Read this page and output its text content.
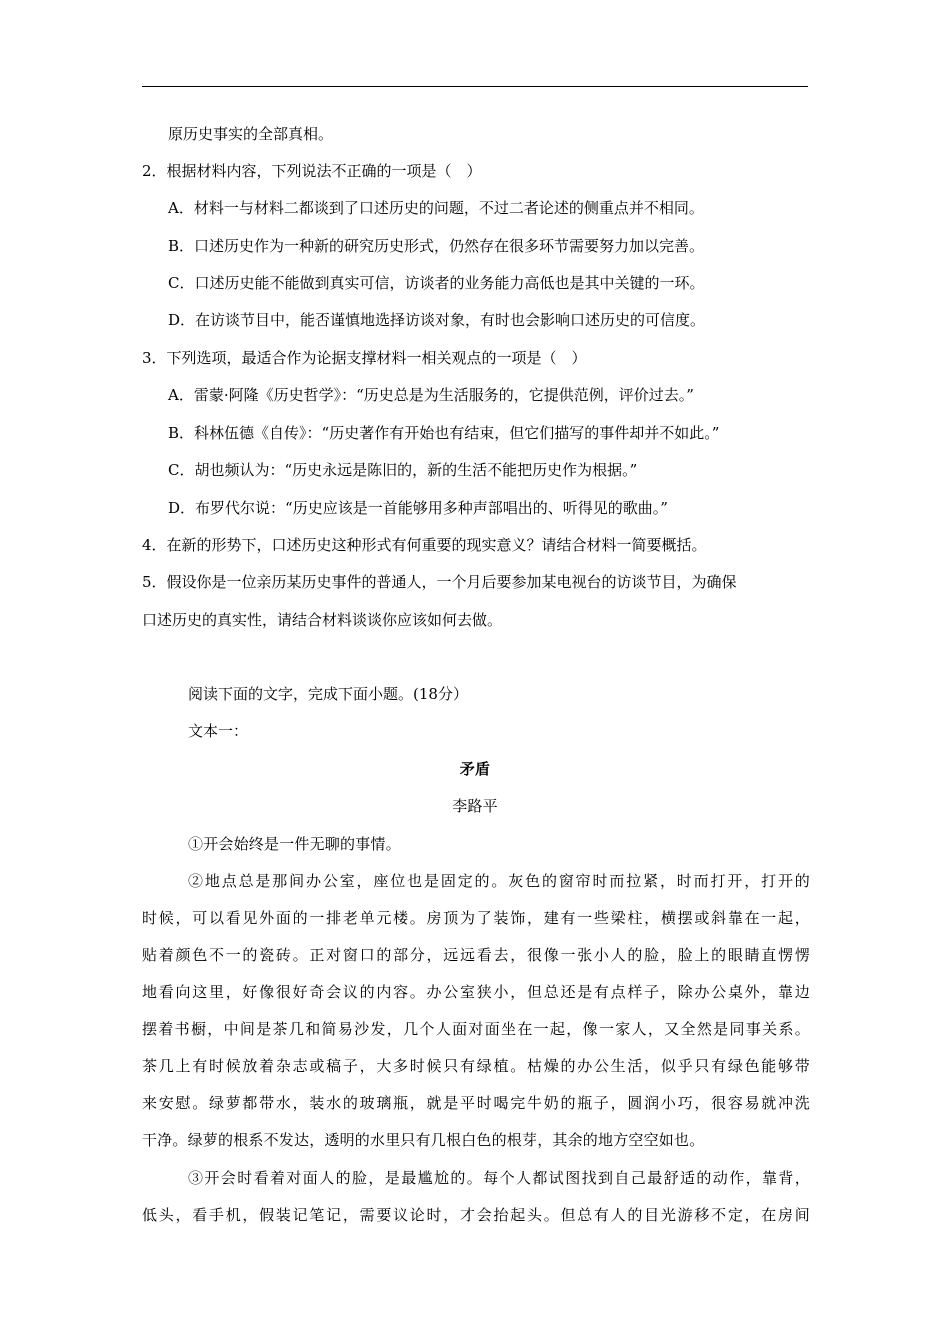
原历史事实的全部真相。
2．根据材料内容，下列说法不正确的一项是（　）
A．材料一与材料二都谈到了口述历史的问题，不过二者论述的侧重点并不相同。
B．口述历史作为一种新的研究历史形式，仍然存在很多环节需要努力加以完善。
C．口述历史能不能做到真实可信，访谈者的业务能力高低也是其中关键的一环。
D．在访谈节目中，能否谨慎地选择访谈对象，有时也会影响口述历史的可信度。
3．下列选项，最适合作为论据支撑材料一相关观点的一项是（　）
A．雷蒙·阿隆《历史哲学》：“历史总是为生活服务的，它提供范例，评价过去。”
B．科林伍德《自传》：“历史著作有开始也有结束，但它们描写的事件却并不如此。”
C．胡也频认为：“历史永远是陈旧的，新的生活不能把历史作为根据。”
D．布罗代尔说：“历史应该是一首能够用多种声部唱出的、听得见的歌曲。”
4．在新的形势下，口述历史这种形式有何重要的现实意义？请结合材料一简要概括。
5．假设你是一位亲历某历史事件的普通人，一个月后要参加某电视台的访谈节目，为确保
口述历史的真实性，请结合材料谈谈你应该如何去做。
阅读下面的文字，完成下面小题。(18分）
文本一：
矛盾
李路平
①开会始终是一件无聊的事情。
②地点总是那间办公室，座位也是固定的。灰色的窗帘时而拉紧，时而打开，打开的
时候，可以看见外面的一排老单元楼。房顶为了装饰，建有一些梁柱，横摆或斜靠在一起，
贴着颜色不一的瓷砖。正对窗口的部分，远远看去，很像一张小人的脸，脸上的眼睛直愣愣
地看向这里，好像很好奇会议的内容。办公室狭小，但总还是有点样子，除办公桌外，靠边
摆着书橱，中间是茶几和简易沙发，几个人面对面坐在一起，像一家人，又全然是同事关系。
茶几上有时候放着杂志或稿子，大多时候只有绿植。枯燥的办公生活，似乎只有绿色能够带
来安慰。绿萝都带水，装水的玻璃瓶，就是平时喝完牛奶的瓶子，圆润小巧，很容易就冲洗
干净。绿萝的根系不发达，透明的水里只有几根白色的根芽，其余的地方空空如也。
③开会时看着对面人的脸，是最尴尬的。每个人都试图找到自己最舒适的动作，靠背，
低头，看手机，假装记笔记，需要议论时，才会抬起头。但总有人的目光游移不定，在房间
